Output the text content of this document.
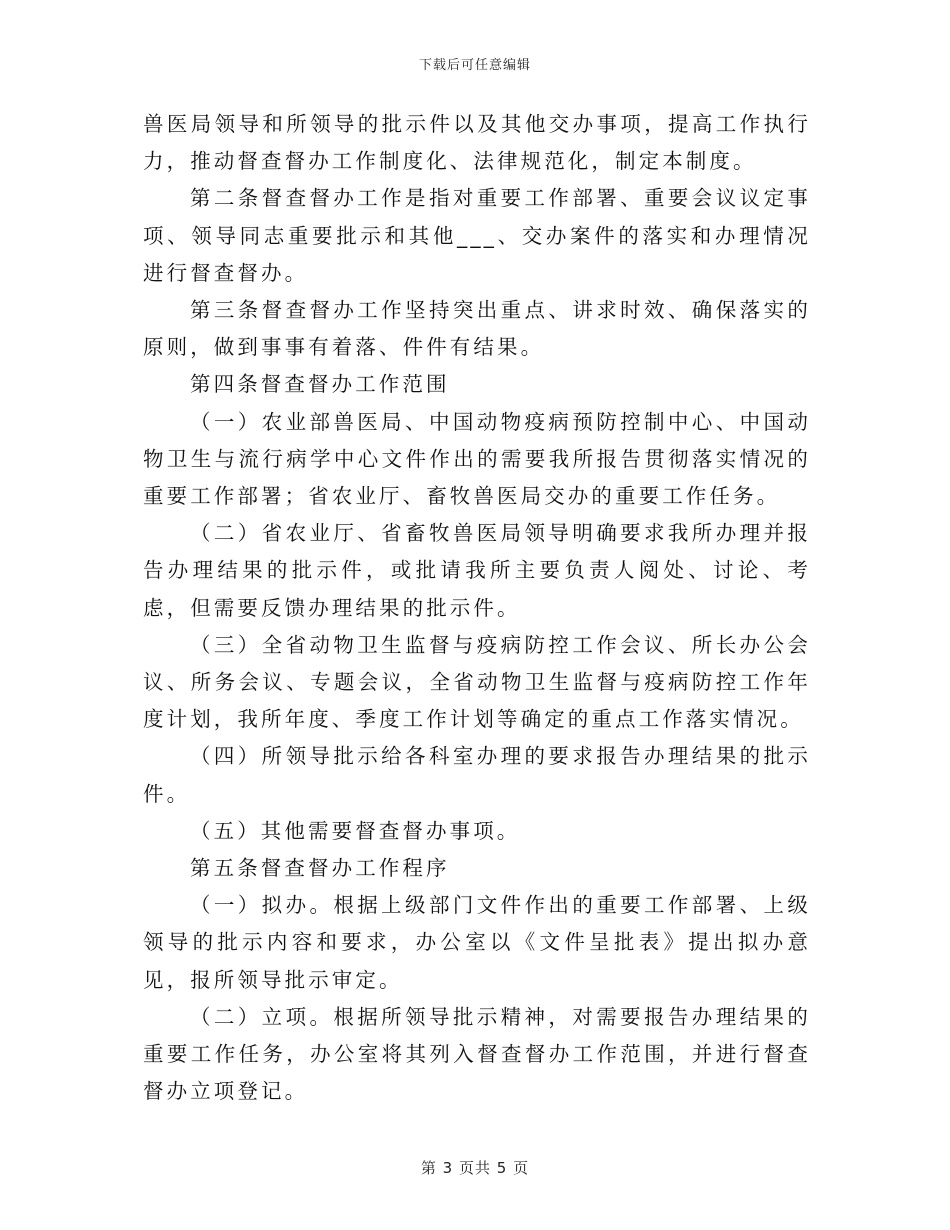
下载后可任意编辑

兽医局领导和所领导的批示件以及其他交办事项，提高工作执行力，推动督查督办工作制度化、法律规范化，制定本制度。

第二条督查督办工作是指对重要工作部署、重要会议议定事项、领导同志重要批示和其他___、交办案件的落实和办理情况进行督查督办。

第三条督查督办工作坚持突出重点、讲求时效、确保落实的原则，做到事事有着落、件件有结果。

第四条督查督办工作范围

（一）农业部兽医局、中国动物疫病预防控制中心、中国动物卫生与流行病学中心文件作出的需要我所报告贯彻落实情况的重要工作部署；省农业厅、畜牧兽医局交办的重要工作任务。

（二）省农业厅、省畜牧兽医局领导明确要求我所办理并报告办理结果的批示件，或批请我所主要负责人阅处、讨论、考虑，但需要反馈办理结果的批示件。

（三）全省动物卫生监督与疫病防控工作会议、所长办公会议、所务会议、专题会议，全省动物卫生监督与疫病防控工作年度计划，我所年度、季度工作计划等确定的重点工作落实情况。

（四）所领导批示给各科室办理的要求报告办理结果的批示件。

（五）其他需要督查督办事项。

第五条督查督办工作程序

（一）拟办。根据上级部门文件作出的重要工作部署、上级领导的批示内容和要求，办公室以《文件呈批表》提出拟办意见，报所领导批示审定。

（二）立项。根据所领导批示精神，对需要报告办理结果的重要工作任务，办公室将其列入督查督办工作范围，并进行督查督办立项登记。

第 3 页共 5 页
